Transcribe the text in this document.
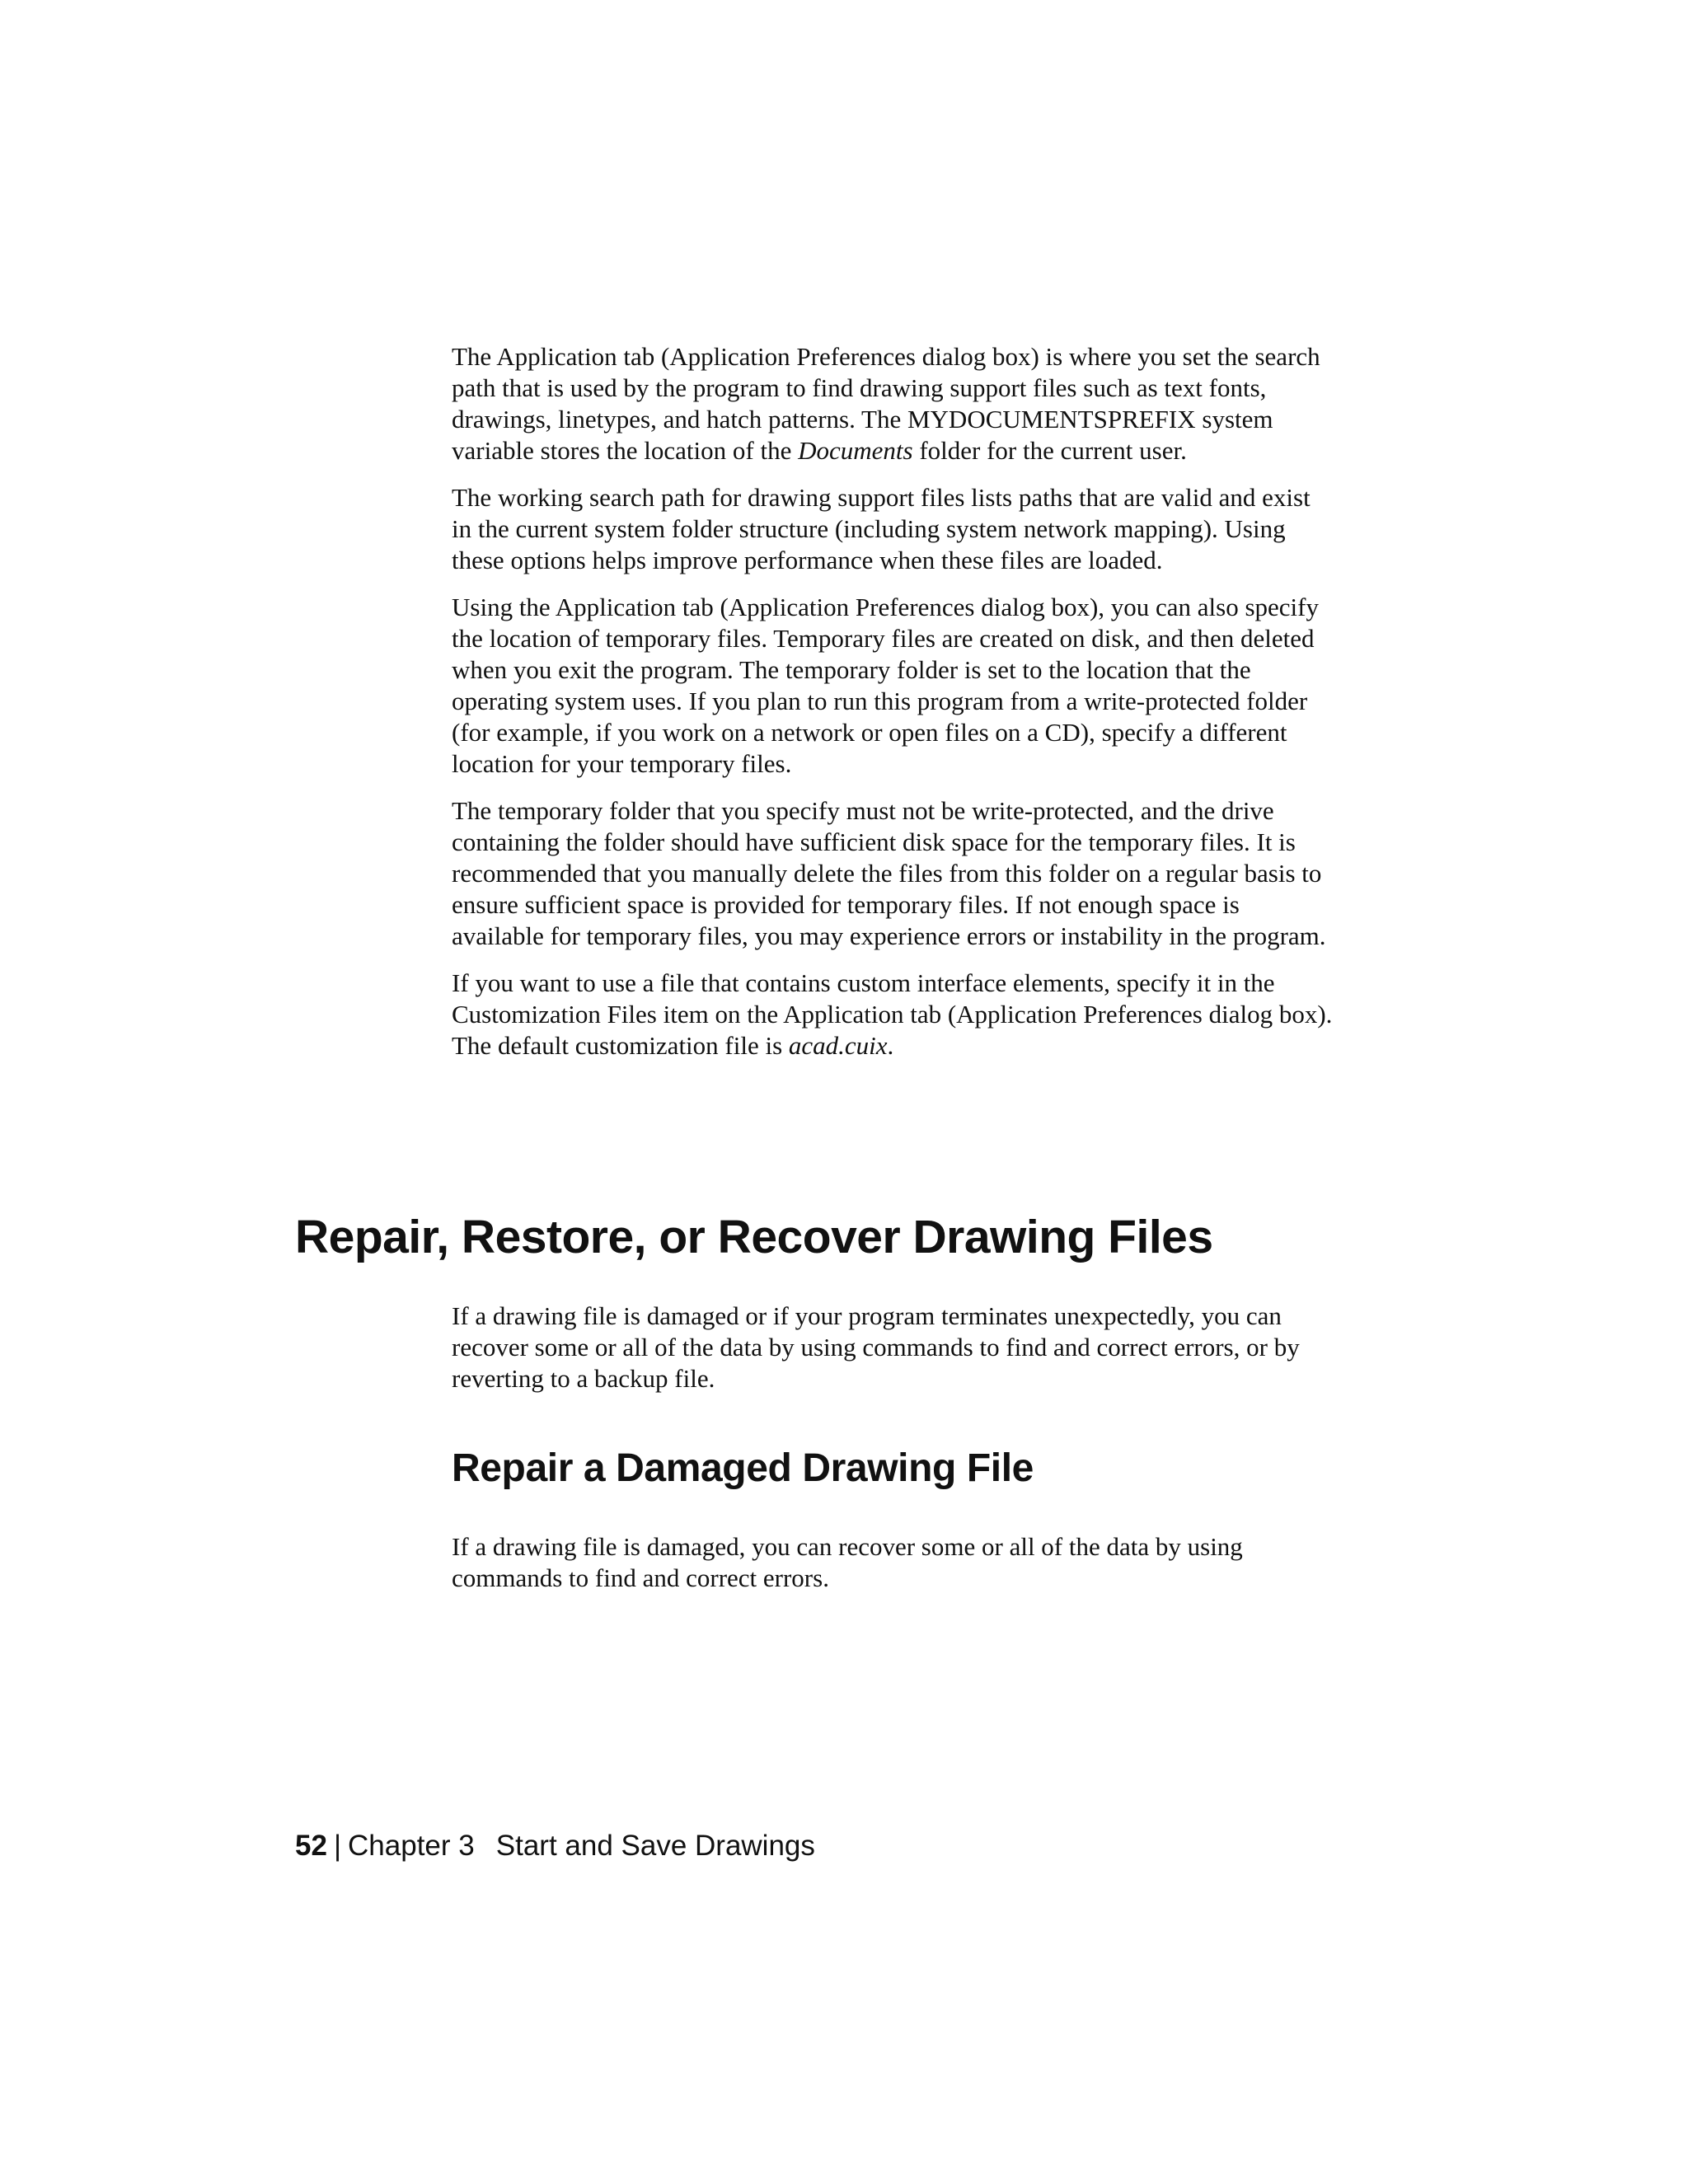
The Application tab (Application Preferences dialog box) is where you set the search path that is used by the program to find drawing support files such as text fonts, drawings, linetypes, and hatch patterns. The MYDOCUMENTSPREFIX system variable stores the location of the Documents folder for the current user.

The working search path for drawing support files lists paths that are valid and exist in the current system folder structure (including system network mapping). Using these options helps improve performance when these files are loaded.

Using the Application tab (Application Preferences dialog box), you can also specify the location of temporary files. Temporary files are created on disk, and then deleted when you exit the program. The temporary folder is set to the location that the operating system uses. If you plan to run this program from a write-protected folder (for example, if you work on a network or open files on a CD), specify a different location for your temporary files.

The temporary folder that you specify must not be write-protected, and the drive containing the folder should have sufficient disk space for the temporary files. It is recommended that you manually delete the files from this folder on a regular basis to ensure sufficient space is provided for temporary files. If not enough space is available for temporary files, you may experience errors or instability in the program.

If you want to use a file that contains custom interface elements, specify it in the Customization Files item on the Application tab (Application Preferences dialog box). The default customization file is acad.cuix.

Repair, Restore, or Recover Drawing Files

If a drawing file is damaged or if your program terminates unexpectedly, you can recover some or all of the data by using commands to find and correct errors, or by reverting to a backup file.

Repair a Damaged Drawing File

If a drawing file is damaged, you can recover some or all of the data by using commands to find and correct errors.

52 | Chapter 3 Start and Save Drawings
